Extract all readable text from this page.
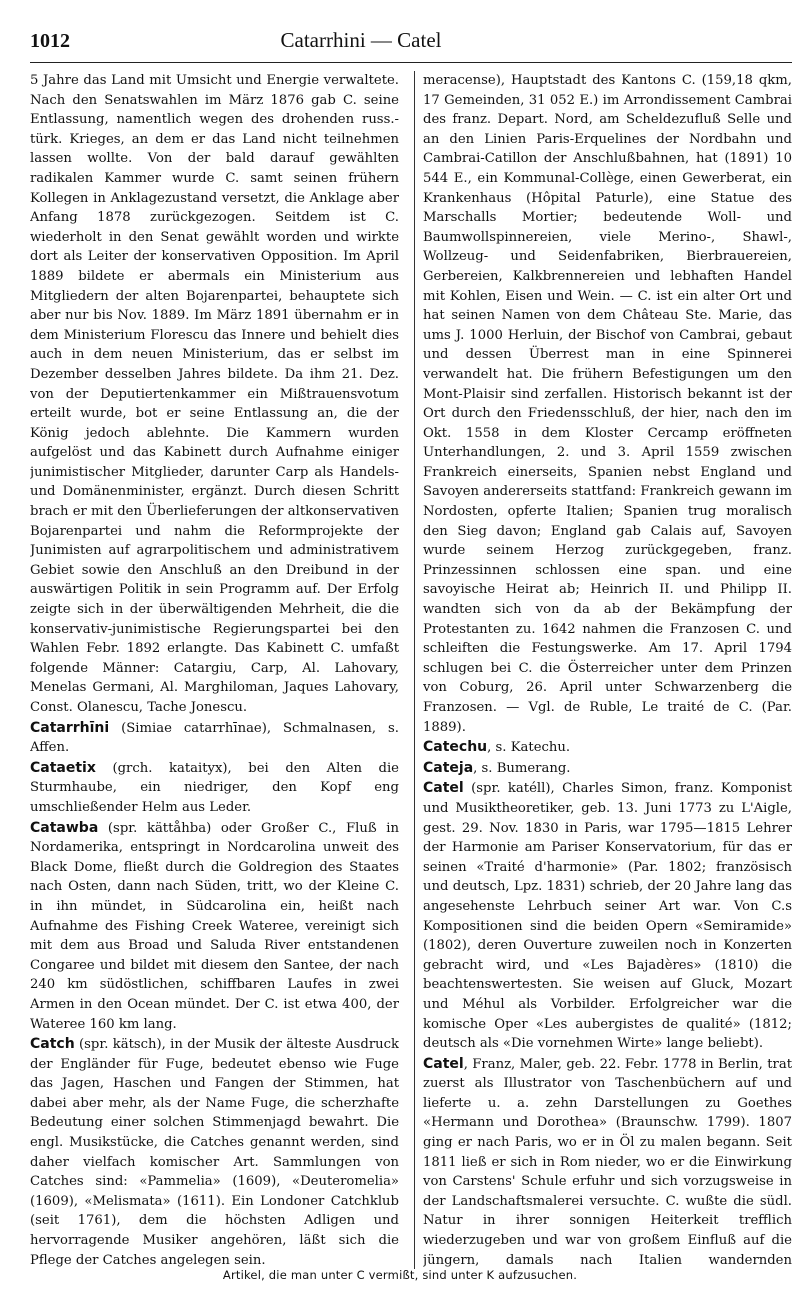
1012	Catarrhini — Catel

5 Jahre das Land mit Umsicht und Energie verwaltete. Nach den Senatswahlen im März 1876 gab C. seine Entlassung, namentlich wegen des drohenden russ.-türk. Krieges, an dem er das Land nicht teilnehmen lassen wollte. Von der bald darauf gewählten radikalen Kammer wurde C. samt seinen frühern Kollegen in Anklagezustand versetzt, die Anklage aber Anfang 1878 zurückgezogen. Seitdem ist C. wiederholt in den Senat gewählt worden und wirkte dort als Leiter der konservativen Opposition. Im April 1889 bildete er abermals ein Ministerium aus Mitgliedern der alten Bojarenpartei, behauptete sich aber nur bis Nov. 1889. Im März 1891 übernahm er in dem Ministerium Florescu das Innere und behielt dies auch in dem neuen Ministerium, das er selbst im Dezember desselben Jahres bildete. Da ihm 21. Dez. von der Deputiertenkammer ein Mißtrauensvotum erteilt wurde, bot er seine Entlassung an, die der König jedoch ablehnte. Die Kammern wurden aufgelöst und das Kabinett durch Aufnahme einiger junimistischer Mitglieder, darunter Carp als Handels- und Domänenminister, ergänzt. Durch diesen Schritt brach er mit den Überlieferungen der altkonservativen Bojarenpartei und nahm die Reformprojekte der Junimisten auf agrarpolitischem und administrativem Gebiet sowie den Anschluß an den Dreibund in der auswärtigen Politik in sein Programm auf. Der Erfolg zeigte sich in der überwältigenden Mehrheit, die die konservativ-junimistische Regierungspartei bei den Wahlen Febr. 1892 erlangte. Das Kabinett C. umfaßt folgende Männer: Catargiu, Carp, Al. Lahovary, Menelas Germani, Al. Marghiloman, Jaques Lahovary, Const. Olanescu, Tache Jonescu.

Catarrhīni (Simiae catarrhīnae), Schmalnasen, s. Affen.

Cataetix (grch. kataityx), bei den Alten die Sturmhaube, ein niedriger, den Kopf eng umschließender Helm aus Leder.

Catawba (spr. kättåhba) oder Großer C., Fluß in Nordamerika, entspringt in Nordcarolina unweit des Black Dome, fließt durch die Goldregion des Staates nach Osten, dann nach Süden, tritt, wo der Kleine C. in ihn mündet, in Südcarolina ein, heißt nach Aufnahme des Fishing Creek Wateree, vereinigt sich mit dem aus Broad und Saluda River entstandenen Congaree und bildet mit diesem den Santee, der nach 240 km südöstlichen, schiffbaren Laufes in zwei Armen in den Ocean mündet. Der C. ist etwa 400, der Wateree 160 km lang.

Catch (spr. kätsch), in der Musik der älteste Ausdruck der Engländer für Fuge, bedeutet ebenso wie Fuge das Jagen, Haschen und Fangen der Stimmen, hat dabei aber mehr, als der Name Fuge, die scherzhafte Bedeutung einer solchen Stimmenjagd bewahrt. Die engl. Musikstücke, die Catches genannt werden, sind daher vielfach komischer Art. Sammlungen von Catches sind: «Pammelia» (1609), «Deuteromelia» (1609), «Melismata» (1611). Ein Londoner Catchklub (seit 1761), dem die höchsten Adligen und hervorragende Musiker angehören, läßt sich die Pflege der Catches angelegen sein.

meracense), Hauptstadt des Kantons C. (159,18 qkm, 17 Gemeinden, 31 052 E.) im Arrondissement Cambrai des franz. Depart. Nord, am Scheldezufluß Selle und an den Linien Paris-Erquelines der Nordbahn und Cambrai-Catillon der Anschlußbahnen, hat (1891) 10 544 E., ein Kommunal-Collège, einen Gewerberat, ein Krankenhaus (Hôpital Paturle), eine Statue des Marschalls Mortier; bedeutende Woll- und Baumwollspinnereien, viele Merino-, Shawl-, Wollzeug- und Seidenfabriken, Bierbrauereien, Gerbereien, Kalkbrennereien und lebhaften Handel mit Kohlen, Eisen und Wein. — C. ist ein alter Ort und hat seinen Namen von dem Château Ste. Marie, das ums J. 1000 Herluin, der Bischof von Cambrai, gebaut und dessen Überrest man in eine Spinnerei verwandelt hat. Die frühern Befestigungen um den Mont-Plaisir sind zerfallen. Historisch bekannt ist der Ort durch den Friedensschluß, der hier, nach den im Okt. 1558 in dem Kloster Cercamp eröffneten Unterhandlungen, 2. und 3. April 1559 zwischen Frankreich einerseits, Spanien nebst England und Savoyen andererseits stattfand: Frankreich gewann im Nordosten, opferte Italien; Spanien trug moralisch den Sieg davon; England gab Calais auf, Savoyen wurde seinem Herzog zurückgegeben, franz. Prinzessinnen schlossen eine span. und eine savoyische Heirat ab; Heinrich II. und Philipp II. wandten sich von da ab der Bekämpfung der Protestanten zu. 1642 nahmen die Franzosen C. und schleiften die Festungswerke. Am 17. April 1794 schlugen bei C. die Österreicher unter dem Prinzen von Coburg, 26. April unter Schwarzenberg die Franzosen. — Vgl. de Ruble, Le traité de C. (Par. 1889).

Catechu, s. Katechu.

Cateja, s. Bumerang.

Catel (spr. katéll), Charles Simon, franz. Komponist und Musiktheoretiker, geb. 13. Juni 1773 zu L'Aigle, gest. 29. Nov. 1830 in Paris, war 1795—1815 Lehrer der Harmonie am Pariser Konservatorium, für das er seinen «Traité d'harmonie» (Par. 1802; französisch und deutsch, Lpz. 1831) schrieb, der 20 Jahre lang das angesehenste Lehrbuch seiner Art war. Von C.s Kompositionen sind die beiden Opern «Semiramide» (1802), deren Ouverture zuweilen noch in Konzerten gebracht wird, und «Les Bajadères» (1810) die beachtenswertesten. Sie weisen auf Gluck, Mozart und Méhul als Vorbilder. Erfolgreicher war die komische Oper «Les aubergistes de qualité» (1812; deutsch als «Die vornehmen Wirte» lange beliebt).

Catel, Franz, Maler, geb. 22. Febr. 1778 in Berlin, trat zuerst als Illustrator von Taschenbüchern auf und lieferte u. a. zehn Darstellungen zu Goethes «Hermann und Dorothea» (Braunschw. 1799). 1807 ging er nach Paris, wo er in Öl zu malen begann. Seit 1811 ließ er sich in Rom nieder, wo er die Einwirkung von Carstens' Schule erfuhr und sich vorzugsweise in der Landschaftsmalerei versuchte. C. wußte die südl. Natur in ihrer sonnigen Heiterkeit trefflich wiederzugeben und war von großem Einfluß auf die jüngern, damals nach Italien wandernden

Artikel, die man unter C vermißt, sind unter K aufzusuchen.
